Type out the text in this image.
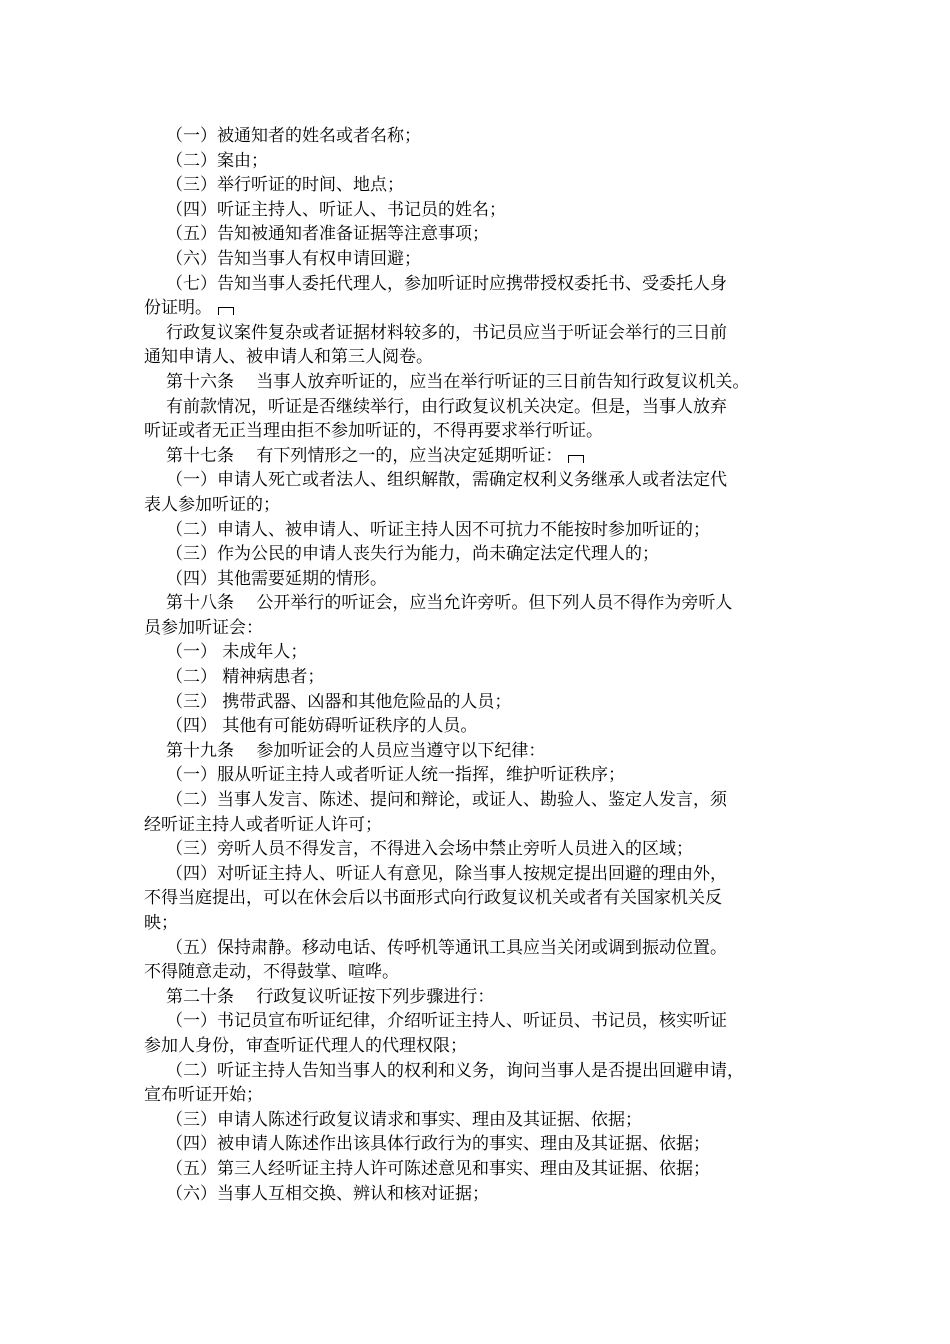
（一）被通知者的姓名或者名称；
（二）案由；
（三）举行听证的时间、地点；
（四）听证主持人、听证人、书记员的姓名；
（五）告知被通知者准备证据等注意事项；
（六）告知当事人有权申请回避；
（七）告知当事人委托代理人，参加听证时应携带授权委托书、受委托人身
份证明。
行政复议案件复杂或者证据材料较多的，书记员应当于听证会举行的三日前
通知申请人、被申请人和第三人阅卷。
第十六条　 当事人放弃听证的，应当在举行听证的三日前告知行政复议机关。
有前款情况，听证是否继续举行，由行政复议机关决定。但是，当事人放弃
听证或者无正当理由拒不参加听证的，不得再要求举行听证。
第十七条　 有下列情形之一的，应当决定延期听证：
（一）申请人死亡或者法人、组织解散，需确定权利义务继承人或者法定代
表人参加听证的；
（二）申请人、被申请人、听证主持人因不可抗力不能按时参加听证的；
（三）作为公民的申请人丧失行为能力，尚未确定法定代理人的；
（四）其他需要延期的情形。
第十八条　 公开举行的听证会，应当允许旁听。但下列人员不得作为旁听人
员参加听证会：
（一） 未成年人；
（二） 精神病患者；
（三） 携带武器、凶器和其他危险品的人员；
（四） 其他有可能妨碍听证秩序的人员。
第十九条　 参加听证会的人员应当遵守以下纪律：
（一）服从听证主持人或者听证人统一指挥，维护听证秩序；
（二）当事人发言、陈述、提问和辩论，或证人、勘验人、鉴定人发言，须
经听证主持人或者听证人许可；
（三）旁听人员不得发言，不得进入会场中禁止旁听人员进入的区域；
（四）对听证主持人、听证人有意见，除当事人按规定提出回避的理由外，
不得当庭提出，可以在休会后以书面形式向行政复议机关或者有关国家机关反
映；
（五）保持肃静。移动电话、传呼机等通讯工具应当关闭或调到振动位置。
不得随意走动，不得鼓掌、喧哗。
第二十条　 行政复议听证按下列步骤进行：
（一）书记员宣布听证纪律，介绍听证主持人、听证员、书记员，核实听证
参加人身份，审查听证代理人的代理权限；
（二）听证主持人告知当事人的权利和义务，询问当事人是否提出回避申请，
宣布听证开始；
（三）申请人陈述行政复议请求和事实、理由及其证据、依据；
（四）被申请人陈述作出该具体行政行为的事实、理由及其证据、依据；
（五）第三人经听证主持人许可陈述意见和事实、理由及其证据、依据；
（六）当事人互相交换、辨认和核对证据；
